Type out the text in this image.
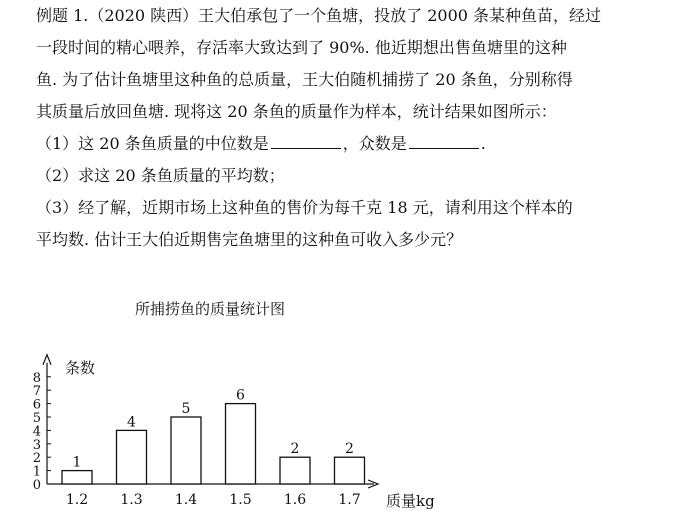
例题 1.（2020 陕西）王大伯承包了一个鱼塘，投放了 2000 条某种鱼苗，经过
一段时间的精心喂养，存活率大致达到了 90%. 他近期想出售鱼塘里的这种
鱼. 为了估计鱼塘里这种鱼的总质量，王大伯随机捕捞了 20 条鱼，分别称得
其质量后放回鱼塘. 现将这 20 条鱼的质量作为样本，统计结果如图所示：
（1）这 20 条鱼质量的中位数是	，众数是	.
（2）求这 20 条鱼质量的平均数；
（3）经了解，近期市场上这种鱼的售价为每千克 18 元，请利用这个样本的
平均数. 估计王大伯近期售完鱼塘里的这种鱼可收入多少元？
所捕捞鱼的质量统计图
条数
0
1
2
3
4
5
6
7
8
1
1.2
4
1.3
5
1.4
6
1.5
2
1.6
2
1.7 质量kg
